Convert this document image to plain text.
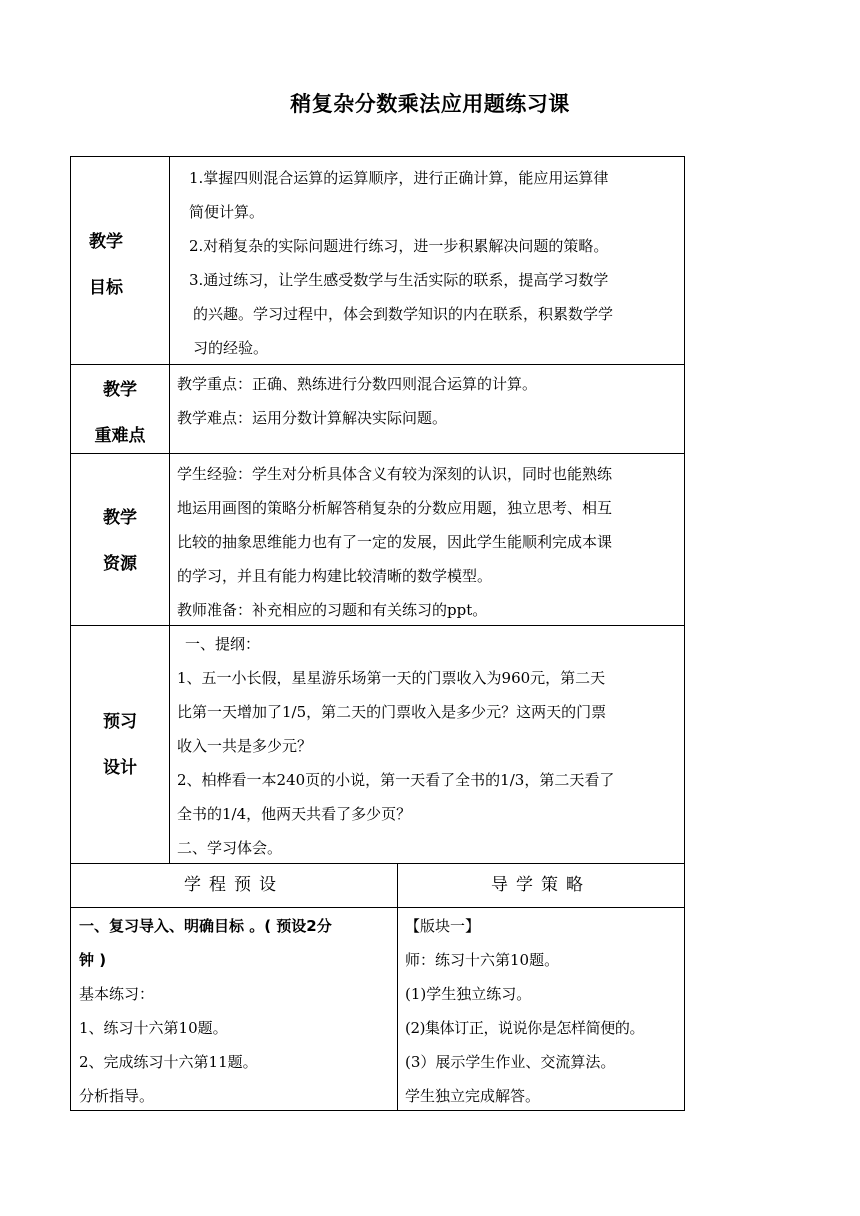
稍复杂分数乘法应用题练习课
教学
目标

1.掌握四则混合运算的运算顺序，进行正确计算，能应用运算律

简便计算。

2.对稍复杂的实际问题进行练习，进一步积累解决问题的策略。

3.通过练习，让学生感受数学与生活实际的联系，提高学习数学

的兴趣。学习过程中，体会到数学知识的内在联系，积累数学学

习的经验。

教学
重难点

教学重点：正确、熟练进行分数四则混合运算的计算。

教学难点：运用分数计算解决实际问题。

教学
资源

学生经验：学生对分析具体含义有较为深刻的认识，同时也能熟练

地运用画图的策略分析解答稍复杂的分数应用题，独立思考、相互

比较的抽象思维能力也有了一定的发展，因此学生能顺利完成本课

的学习，并且有能力构建比较清晰的数学模型。

教师准备：补充相应的习题和有关练习的ppt。

预习
设计

一、提纲：

1、五一小长假，星星游乐场第一天的门票收入为960元，第二天

比第一天增加了1/5，第二天的门票收入是多少元？这两天的门票

收入一共是多少元？

2、柏桦看一本240页的小说，第一天看了全书的1/3，第二天看了

全书的1/4，他两天共看了多少页？

二、学习体会。

学程预设	导学策略

一、复习导入、明确目标 。( 预设2分

钟 )

基本练习：

1、练习十六第10题。

2、完成练习十六第11题。

分析指导。

【版块一】

师：练习十六第10题。

(1)学生独立练习。

(2)集体订正，说说你是怎样简便的。

(3）展示学生作业、交流算法。

学生独立完成解答。
